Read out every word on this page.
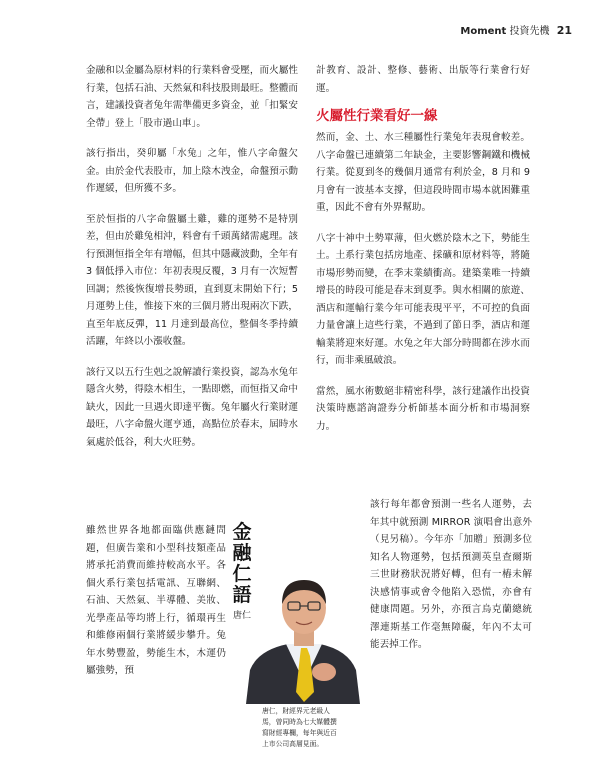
Moment 投資先機 21

金融和以金屬為原材料的行業料會受壓，而火屬性行業，包括石油、天然氣和科技股則最旺。整體而言，建議投資者兔年需準備更多資金，並「扣緊安全帶」登上「股市過山車」。

該行指出，癸卯屬「水兔」之年，惟八字命盤欠金。由於金代表股市，加上陰木洩金，命盤預示動作遲緩，但所獲不多。

至於恒指的八字命盤屬土雞，雞的運勢不是特別差，但由於雞兔相沖，料會有千頭萬緒需處理。該行預測恒指全年有增幅，但其中隱藏波動，全年有 3 個低掙入市位：年初表現反覆，3 月有一次短暫回調；然後恢復增長勢頭，直到夏末開始下行；5 月運勢上佳，惟接下來的三個月將出現兩次下跌，直至年底反彈，11 月達到最高位，整個冬季持續活躍，年終以小漲收盤。

該行又以五行生剋之說解讀行業投資，認為水兔年隱含火勢，得陰木相生，一點即燃，而恒指又命中缺火，因此一旦遇火即達平衡。兔年屬火行業財運最旺，八字命盤火運亨通，高點位於春末，屆時水氣處於低谷，利大火旺勢。

計教育、設計、整修、藝術、出版等行業會行好運。

火屬性行業看好一線

然而，金、土、水三種屬性行業兔年表現會較差。八字命盤已連續第二年缺金，主要影響鋼鐵和機械行業。從夏到冬的幾個月通常有利於金，8 月和 9 月會有一波基本支撐，但這段時間市場本就困難重重，因此不會有外界幫助。

八字十神中土勢單薄，但火燃於陰木之下，勢能生土。土系行業包括房地產、採礦和原材料等，將隨市場形勢而變，在季末業績衝高。建築業唯一持續增長的時段可能是春末到夏季。與水相關的旅遊、酒店和運輸行業今年可能表現平平，不可控的負面力量會讓上這些行業，不過到了節日季，酒店和運輸業將迎來好運。水兔之年大部分時間都在涉水而行，而非乘風破浪。

當然，風水術數絕非精密科學，該行建議作出投資決策時應諮詢證券分析師基本面分析和市場洞察力。

雖然世界各地都面臨供應鏈問題，但廣告業和小型科技類產品將承托消費而維持較高水平。各個火系行業包括電訊、互聯網、石油、天然氣、半導體、美妝、光學產品等均將上行，循環再生和維修兩個行業將緩步攀升。兔年水勢豐盈，勢能生木，木運仍屬強勢，預

金融仁語
唐仁
唐仁，財經界元老級人馬，曾同時為七大媒體撰寫財經專欄，每年與近百上市公司高層見面。

該行每年都會預測一些名人運勢，去年其中就預測 MIRROR 演唱會出意外（見另稿）。今年亦「加贈」預測多位知名人物運勢，包括預測英皇查爾斯三世財務狀況將好轉，但有一樁未解決感情事或會令他陷入恐慌，亦會有健康問題。另外，亦預言烏克蘭總統澤連斯基工作毫無障礙，年內不太可能丟掉工作。
